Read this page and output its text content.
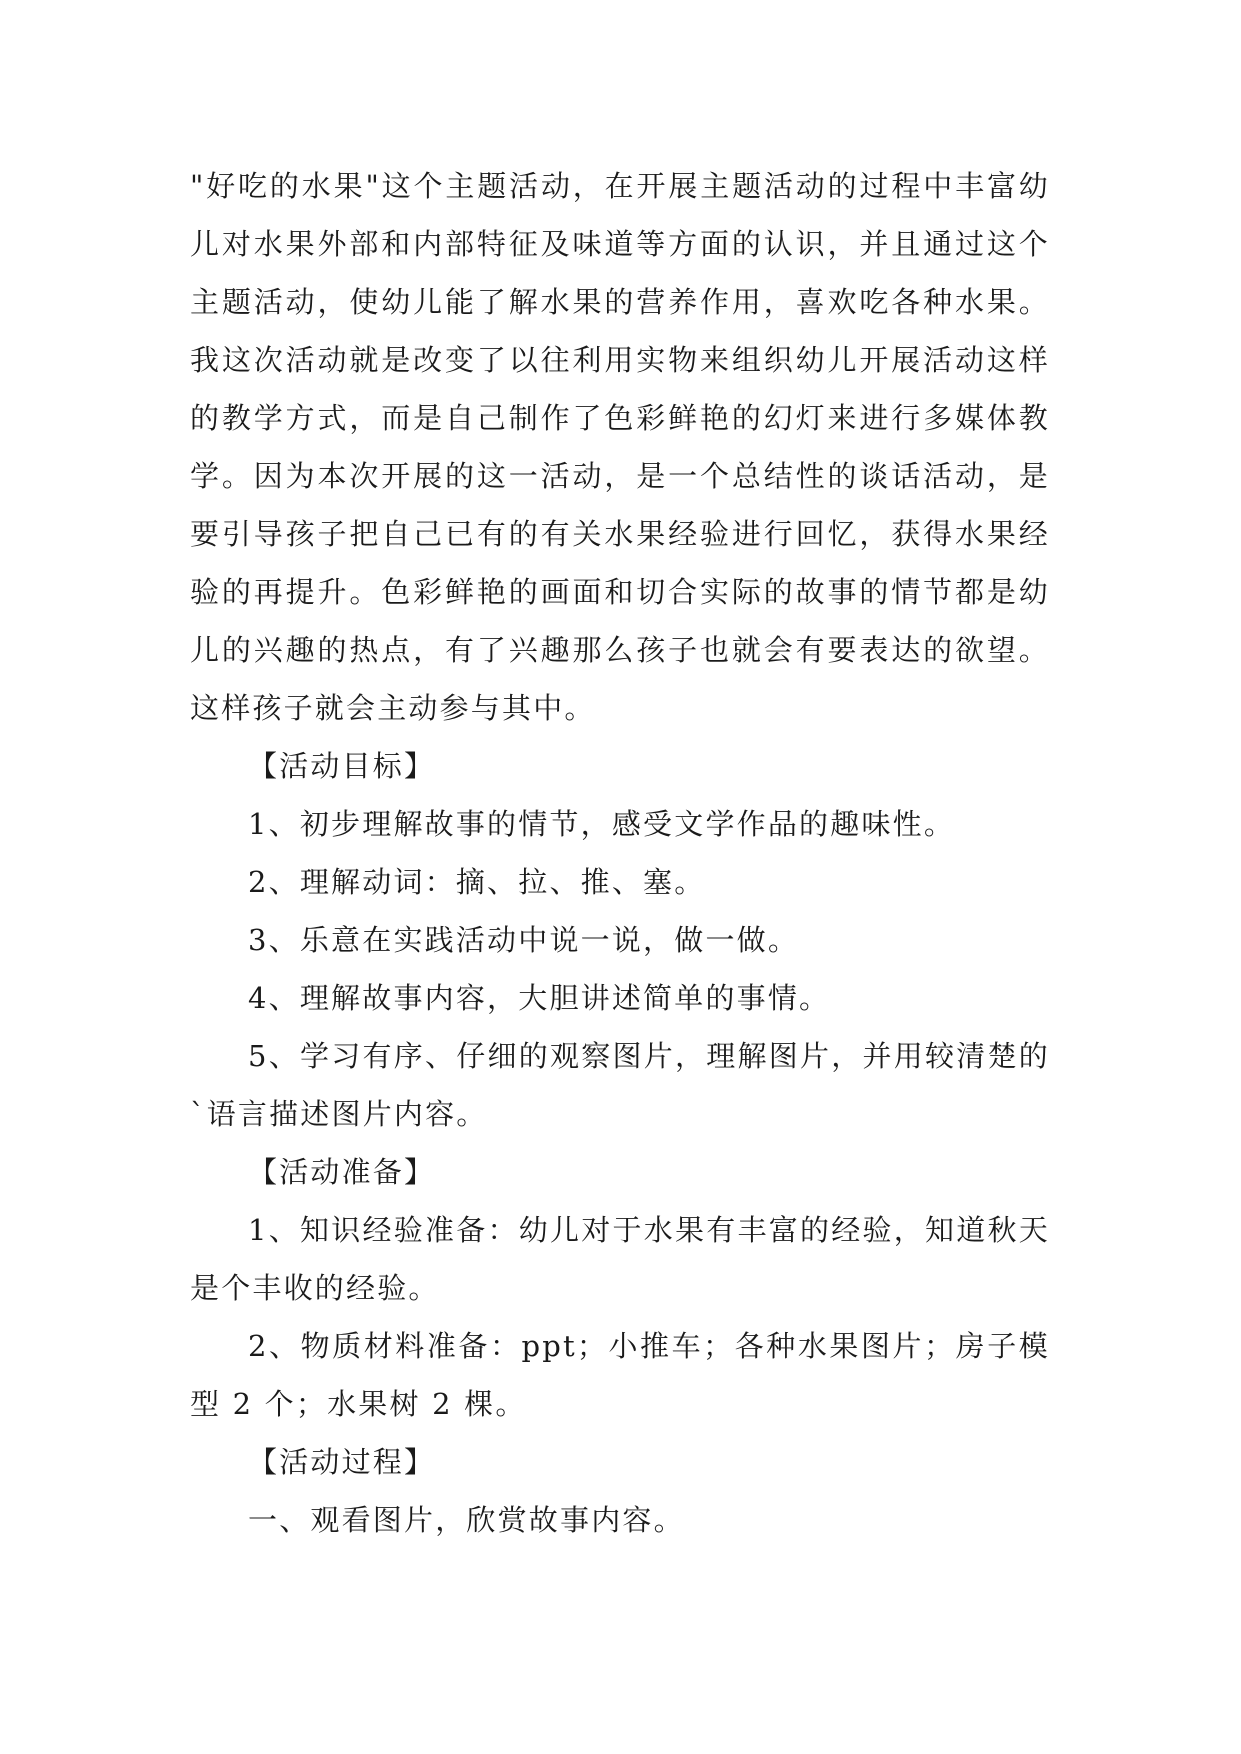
"好吃的水果"这个主题活动，在开展主题活动的过程中丰富幼儿对水果外部和内部特征及味道等方面的认识，并且通过这个主题活动，使幼儿能了解水果的营养作用，喜欢吃各种水果。我这次活动就是改变了以往利用实物来组织幼儿开展活动这样的教学方式，而是自己制作了色彩鲜艳的幻灯来进行多媒体教学。因为本次开展的这一活动，是一个总结性的谈话活动，是要引导孩子把自己已有的有关水果经验进行回忆，获得水果经验的再提升。色彩鲜艳的画面和切合实际的故事的情节都是幼儿的兴趣的热点，有了兴趣那么孩子也就会有要表达的欲望。这样孩子就会主动参与其中。

【活动目标】

1、初步理解故事的情节，感受文学作品的趣味性。

2、理解动词：摘、拉、推、塞。

3、乐意在实践活动中说一说，做一做。

4、理解故事内容，大胆讲述简单的事情。

5、学习有序、仔细的观察图片，理解图片，并用较清楚的`语言描述图片内容。

【活动准备】

1、知识经验准备：幼儿对于水果有丰富的经验，知道秋天是个丰收的经验。

2、物质材料准备：ppt；小推车；各种水果图片；房子模型 2 个；水果树 2 棵。

【活动过程】

一、观看图片，欣赏故事内容。
